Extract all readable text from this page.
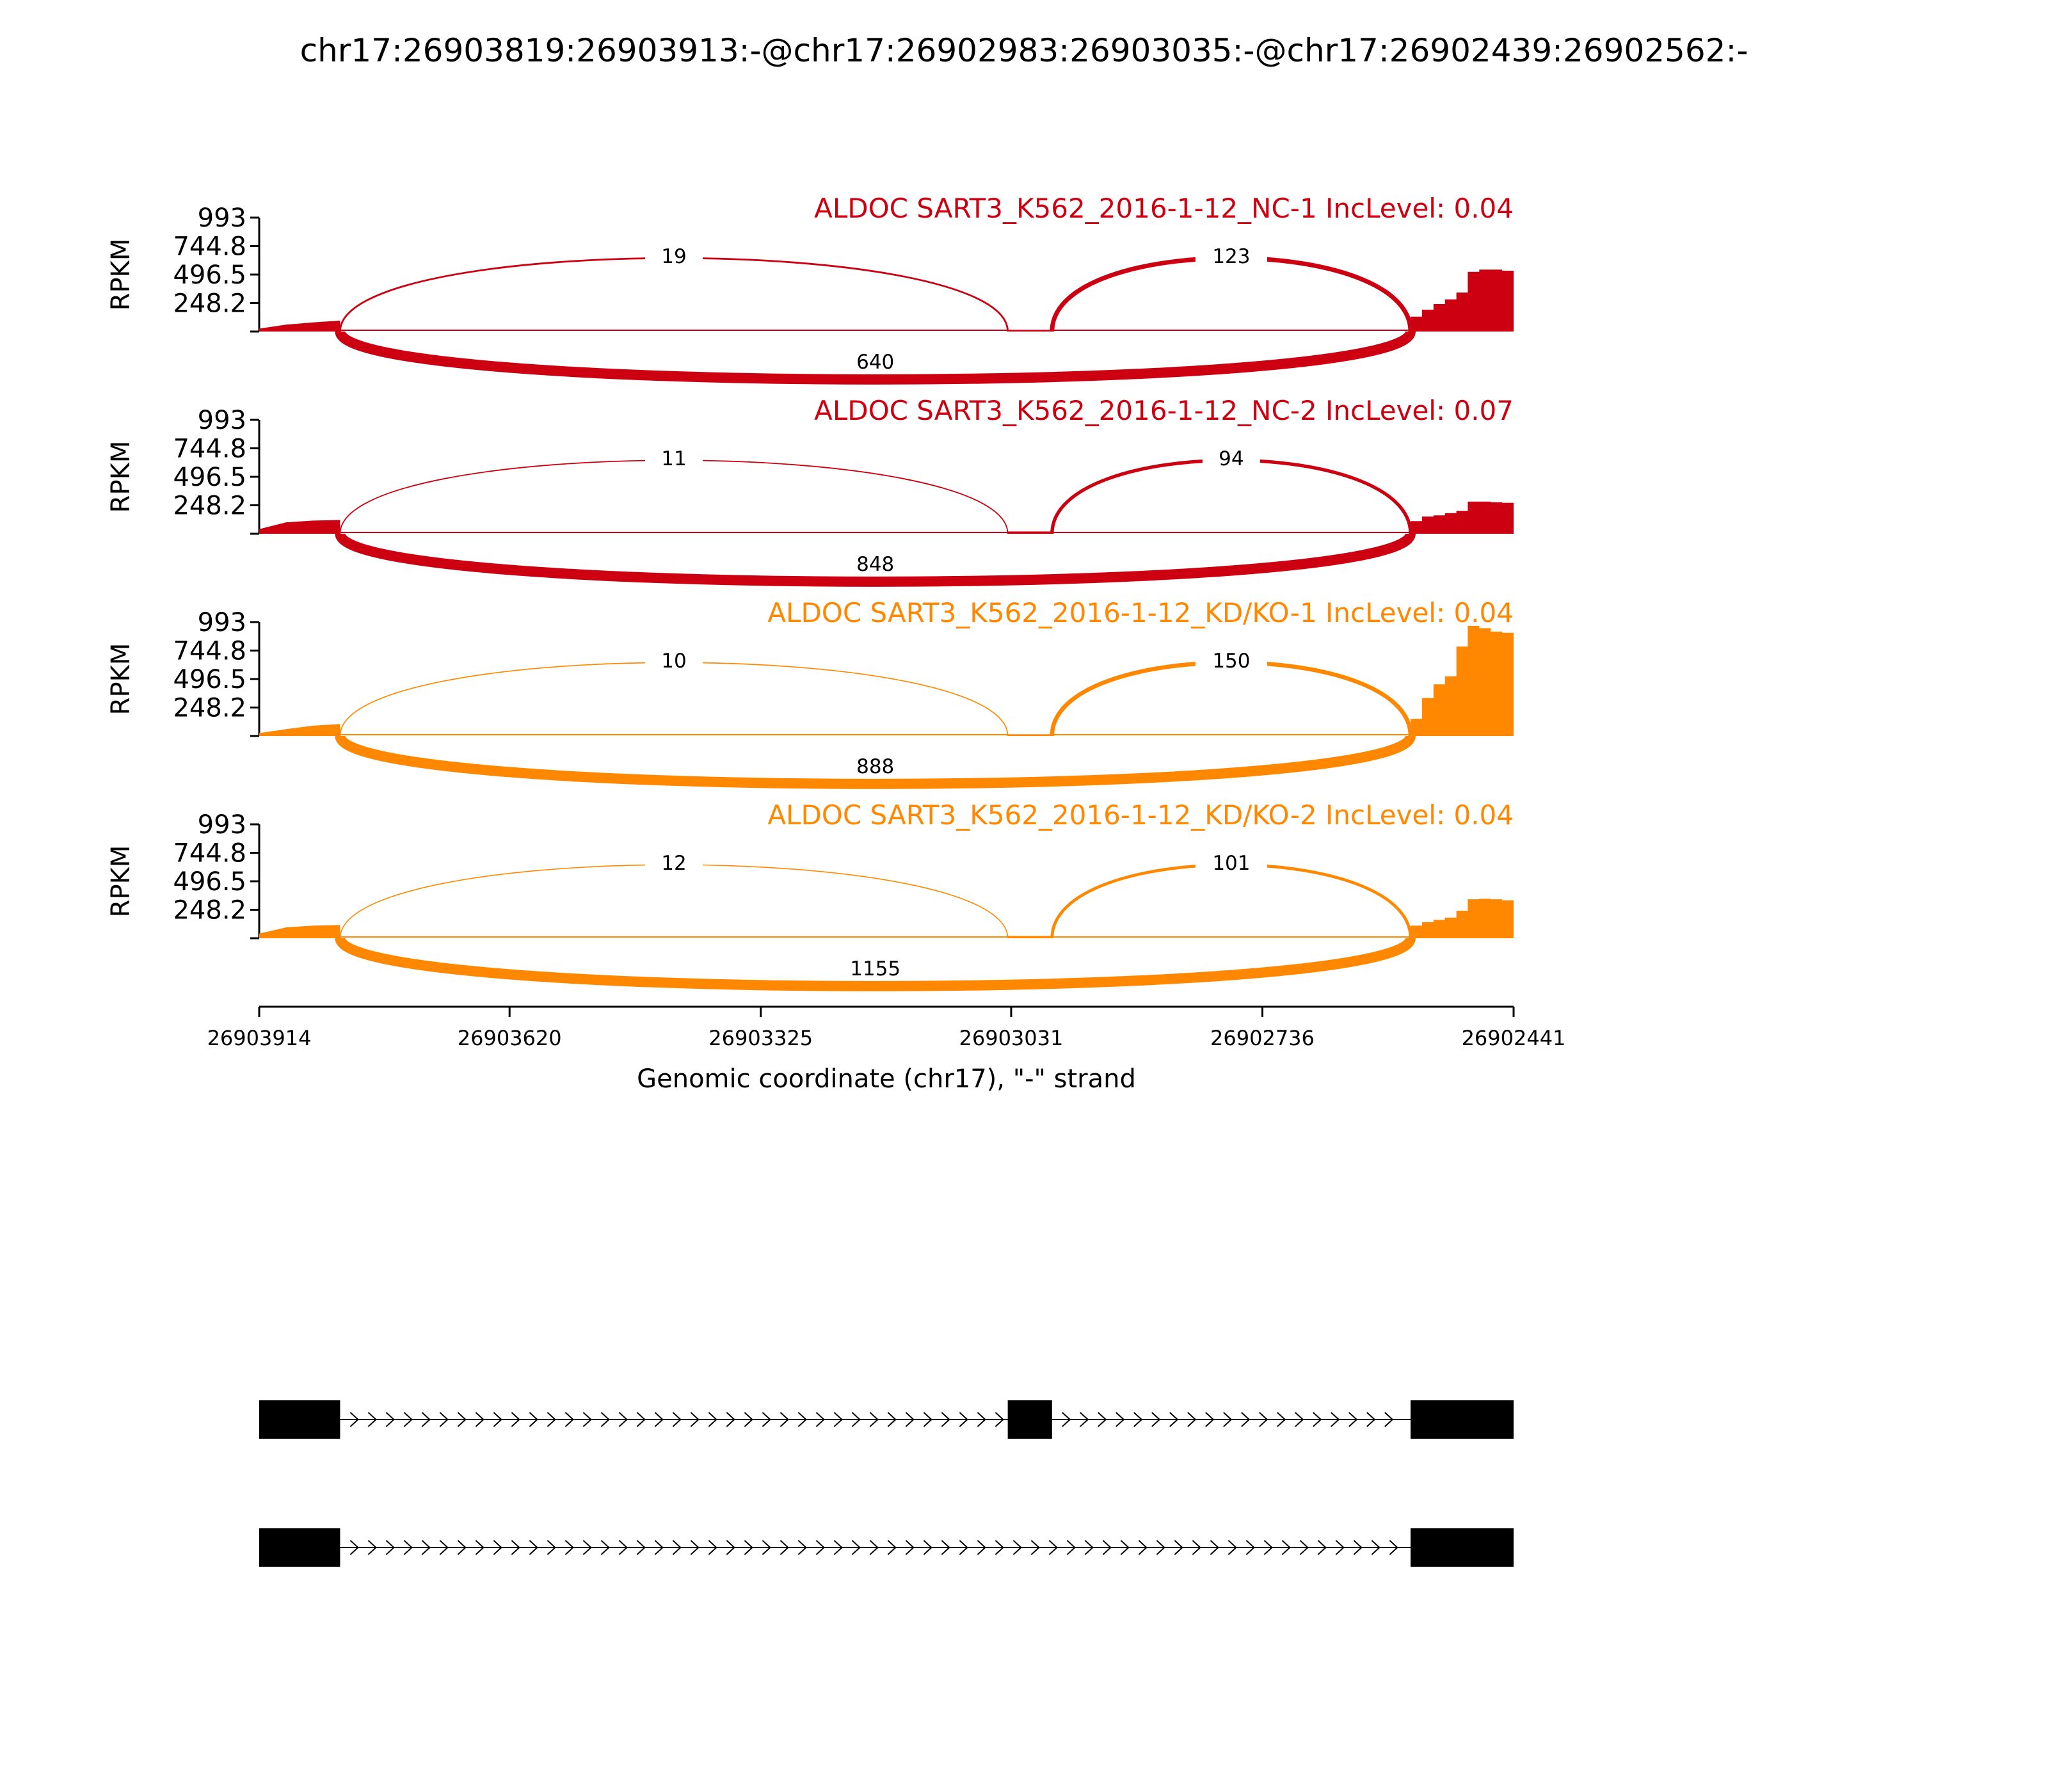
chr17:26903819:26903913:-@chr17:26902983:26903035:-@chr17:26902439:26902562:-
993
744.8
496.5
248.2
RPKM	19	123
640
ALDOC SART3_K562_2016-1-12_NC-1 IncLevel: 0.04
993
744.8
496.5
248.2
RPKM	11	94
848
ALDOC SART3_K562_2016-1-12_NC-2 IncLevel: 0.07
993
744.8
496.5
248.2
RPKM	10	150
888
ALDOC SART3_K562_2016-1-12_KD/KO-1 IncLevel: 0.04
993
744.8
496.5
248.2
RPKM	12	101
1155
ALDOC SART3_K562_2016-1-12_KD/KO-2 IncLevel: 0.04
26903914	26903620	26903325	26903031	26902736	26902441
Genomic coordinate (chr17), "-" strand
